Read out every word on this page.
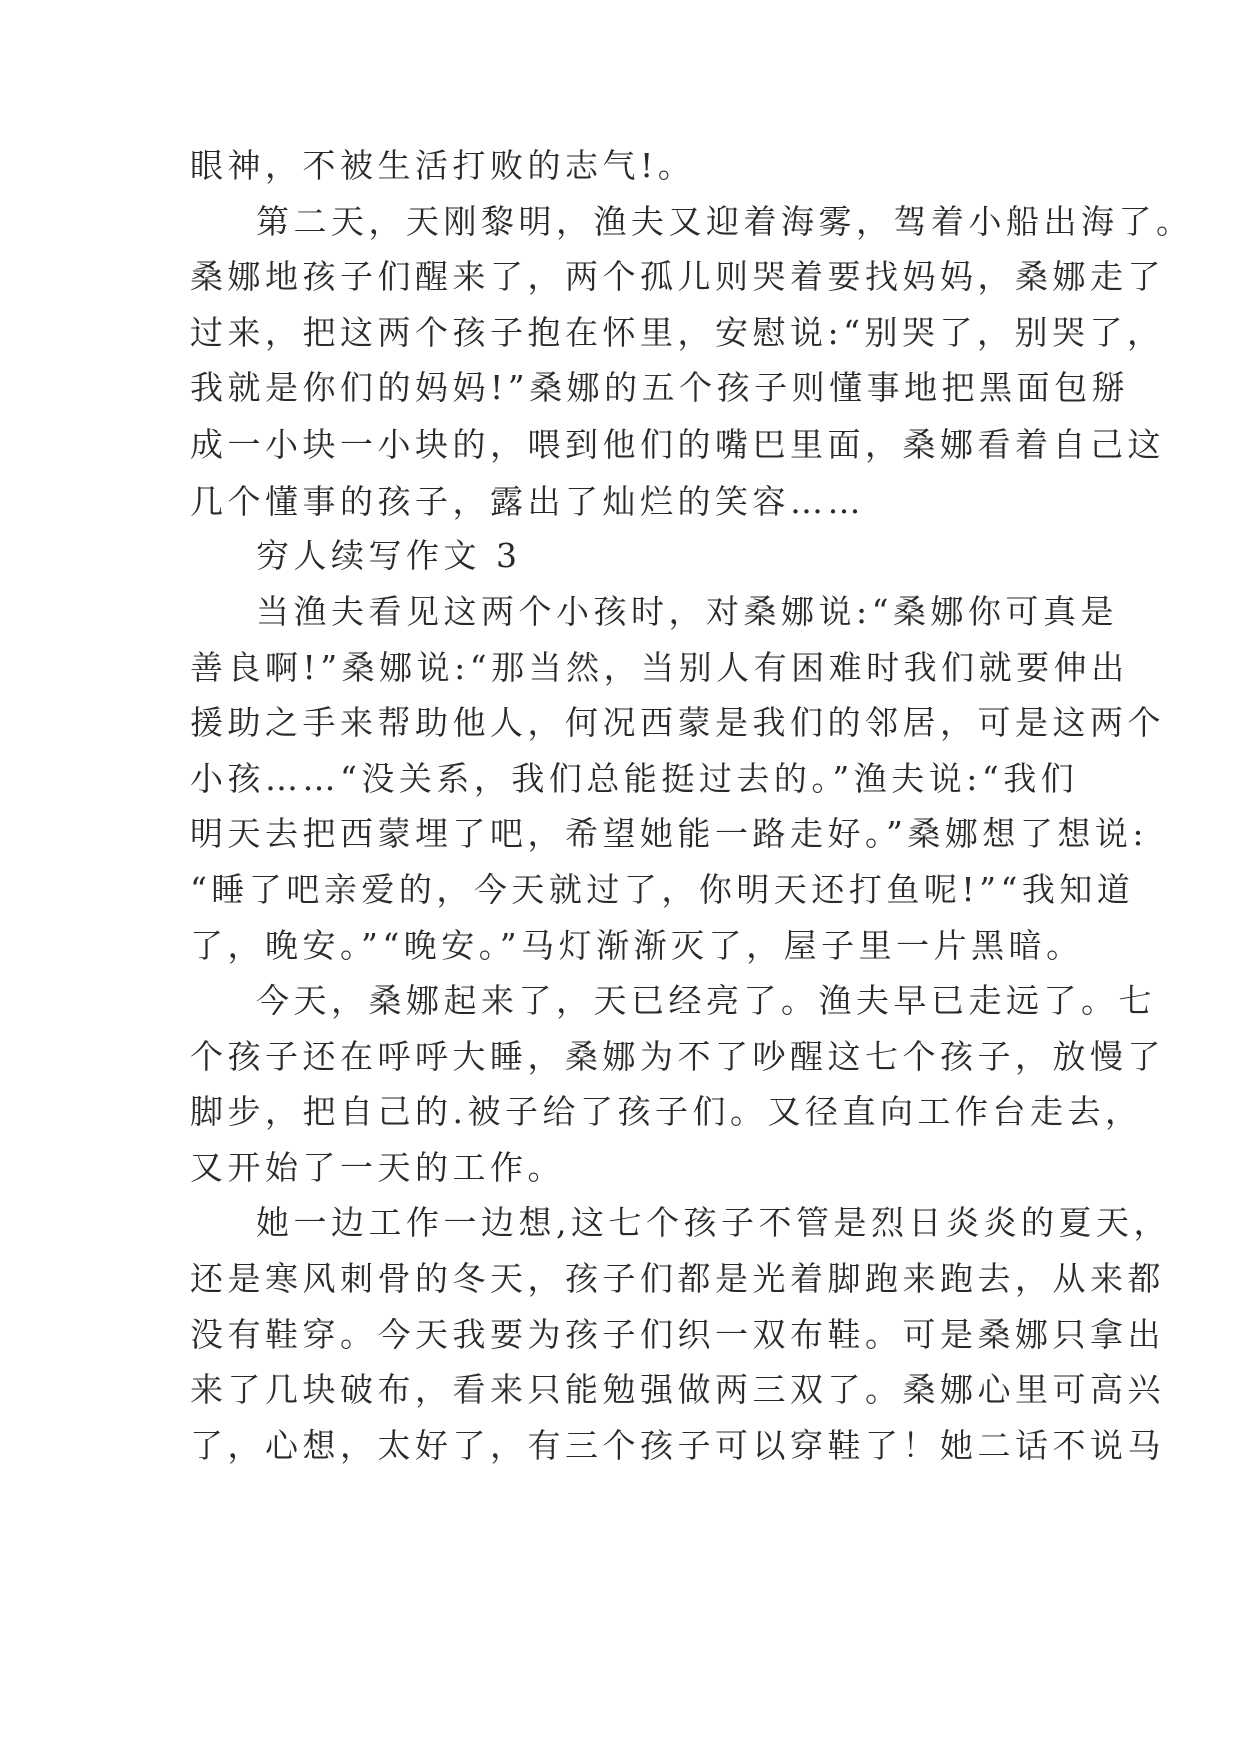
眼神，不被生活打败的志气!。
第二天，天刚黎明，渔夫又迎着海雾，驾着小船出海了。
桑娜地孩子们醒来了，两个孤儿则哭着要找妈妈，桑娜走了
过来，把这两个孩子抱在怀里，安慰说:“别哭了，别哭了，
我就是你们的妈妈!”桑娜的五个孩子则懂事地把黑面包掰
成一小块一小块的，喂到他们的嘴巴里面，桑娜看着自己这
几个懂事的孩子，露出了灿烂的笑容……
穷人续写作文 3
当渔夫看见这两个小孩时，对桑娜说:“桑娜你可真是
善良啊!”桑娜说:“那当然，当别人有困难时我们就要伸出
援助之手来帮助他人，何况西蒙是我们的邻居，可是这两个
小孩……“没关系，我们总能挺过去的。”渔夫说:“我们
明天去把西蒙埋了吧，希望她能一路走好。”桑娜想了想说:
“睡了吧亲爱的，今天就过了，你明天还打鱼呢!”“我知道
了，晚安。”“晚安。”马灯渐渐灭了，屋子里一片黑暗。
今天，桑娜起来了，天已经亮了。渔夫早已走远了。七
个孩子还在呼呼大睡，桑娜为不了吵醒这七个孩子，放慢了
脚步，把自己的.被子给了孩子们。又径直向工作台走去，
又开始了一天的工作。
她一边工作一边想,这七个孩子不管是烈日炎炎的夏天，
还是寒风刺骨的冬天，孩子们都是光着脚跑来跑去，从来都
没有鞋穿。今天我要为孩子们织一双布鞋。可是桑娜只拿出
来了几块破布，看来只能勉强做两三双了。桑娜心里可高兴
了，心想，太好了，有三个孩子可以穿鞋了！她二话不说马
